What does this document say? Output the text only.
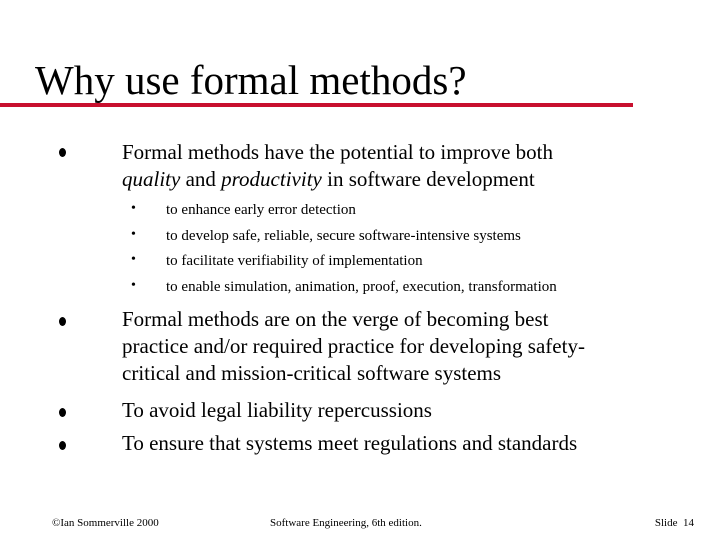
Why use formal methods?
Formal methods have the potential to improve both
quality and productivity in software development
• to enhance early error detection
• to develop safe, reliable, secure software-intensive systems
• to facilitate verifiability of implementation
• to enable simulation, animation, proof, execution, transformation
Formal methods are on the verge of becoming best
practice and/or required practice for developing safety-
critical and mission-critical software systems
To avoid legal liability repercussions
To ensure that systems meet regulations and standards
©Ian Sommerville 2000	Software Engineering, 6th edition.	Slide  14
